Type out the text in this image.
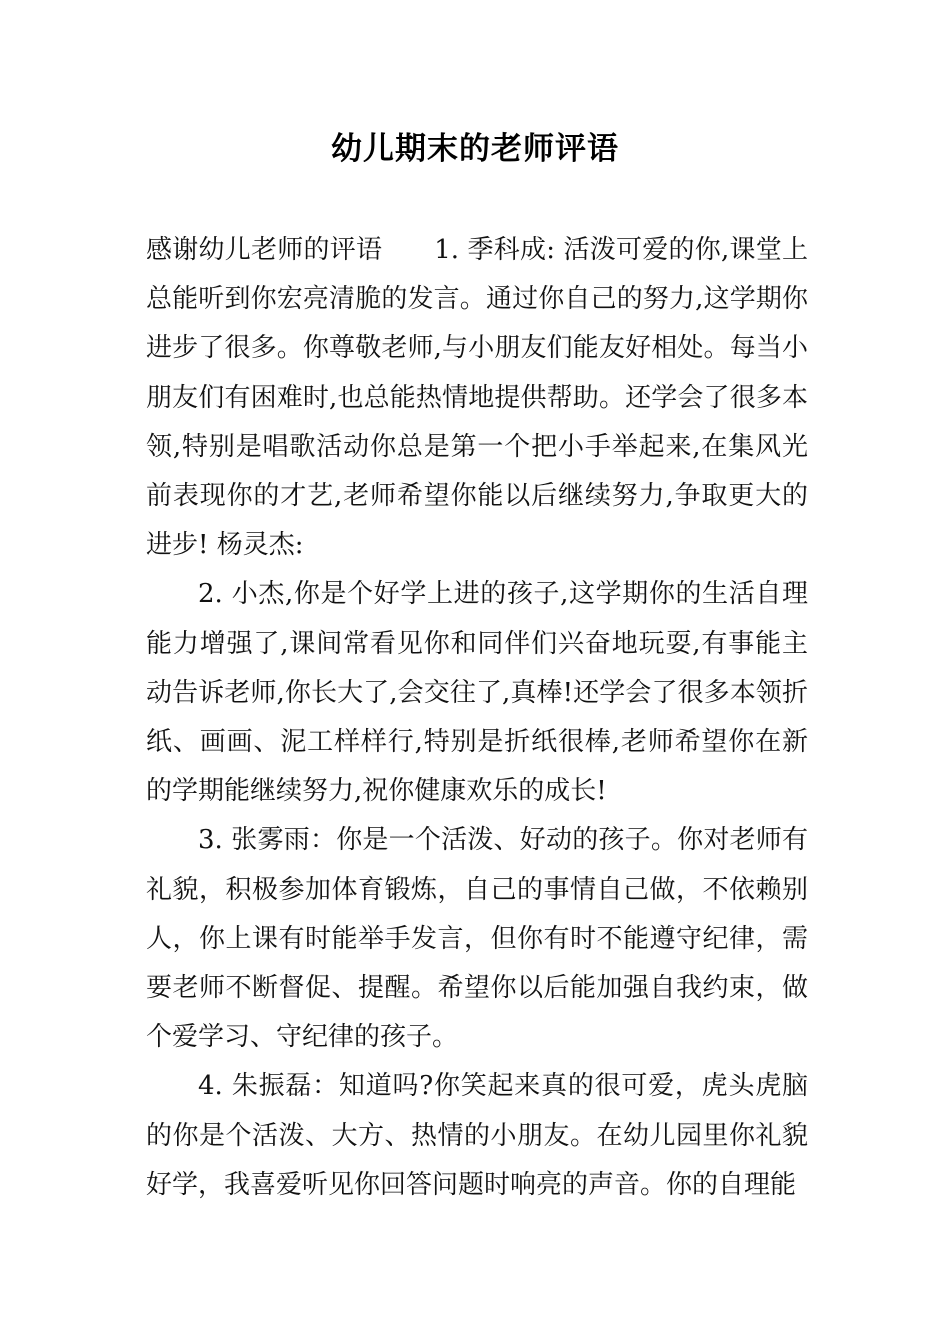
幼儿期末的老师评语

感谢幼儿老师的评语 1. 季科成: 活泼可爱的你,课堂上总能听到你宏亮清脆的发言。通过你自己的努力,这学期你进步了很多。你尊敬老师,与小朋友们能友好相处。每当小朋友们有困难时,也总能热情地提供帮助。还学会了很多本领,特别是唱歌活动你总是第一个把小手举起来,在集风光前表现你的才艺,老师希望你能以后继续努力,争取更大的进步! 杨灵杰:

2. 小杰,你是个好学上进的孩子,这学期你的生活自理能力增强了,课间常看见你和同伴们兴奋地玩耍,有事能主动告诉老师,你长大了,会交往了,真棒!还学会了很多本领折纸、画画、泥工样样行,特别是折纸很棒,老师希望你在新的学期能继续努力,祝你健康欢乐的成长!

3. 张雾雨：你是一个活泼、好动的孩子。你对老师有礼貌，积极参加体育锻炼，自己的事情自己做，不依赖别人，你上课有时能举手发言，但你有时不能遵守纪律，需要老师不断督促、提醒。希望你以后能加强自我约束，做个爱学习、守纪律的孩子。

4. 朱振磊：知道吗?你笑起来真的很可爱，虎头虎脑的你是个活泼、大方、热情的小朋友。在幼儿园里你礼貌好学，我喜爱听见你回答问题时响亮的声音。你的自理能
